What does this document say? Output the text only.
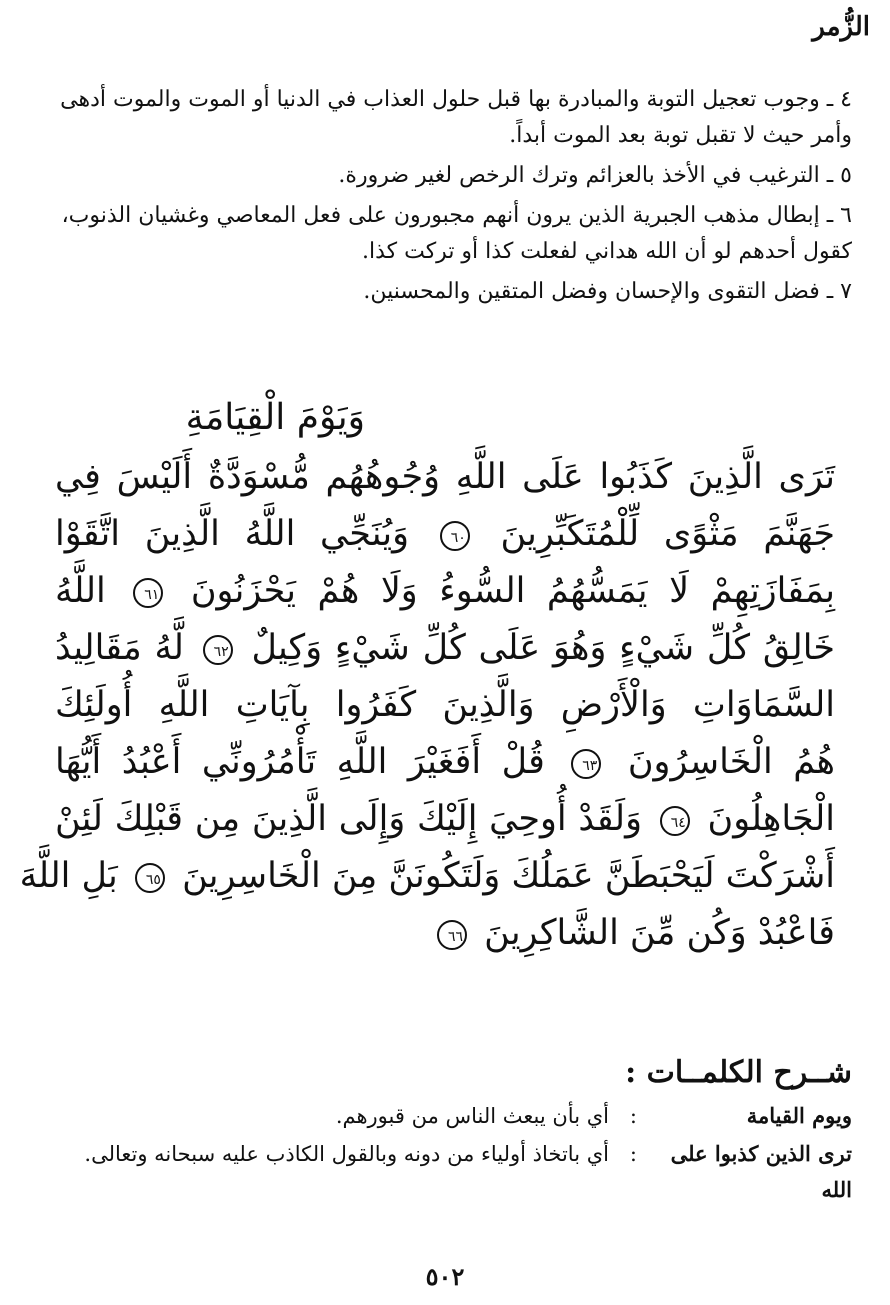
الزُّمر

٤ ـ وجوب تعجيل التوبة والمبادرة بها قبل حلول العذاب في الدنيا أو الموت والموت أدهى وأمر حيث لا تقبل توبة بعد الموت أبداً.

٥ ـ الترغيب في الأخذ بالعزائم وترك الرخص لغير ضرورة.

٦ ـ إبطال مذهب الجبرية الذين يرون أنهم مجبورون على فعل المعاصي وغشيان الذنوب، كقول أحدهم لو أن الله هداني لفعلت كذا أو تركت كذا.

٧ ـ فضل التقوى والإحسان وفضل المتقين والمحسنين.

وَيَوْمَ الْقِيَامَةِ
تَرَى الَّذِينَ كَذَبُوا عَلَى اللَّهِ وُجُوهُهُم مُّسْوَدَّةٌ أَلَيْسَ فِي
جَهَنَّمَ مَثْوًى لِّلْمُتَكَبِّرِينَ ٦٠ وَيُنَجِّي اللَّهُ الَّذِينَ اتَّقَوْا
بِمَفَازَتِهِمْ لَا يَمَسُّهُمُ السُّوءُ وَلَا هُمْ يَحْزَنُونَ ٦١ اللَّهُ
خَالِقُ كُلِّ شَيْءٍ وَهُوَ عَلَى كُلِّ شَيْءٍ وَكِيلٌ ٦٢ لَّهُ مَقَالِيدُ
السَّمَاوَاتِ وَالْأَرْضِ وَالَّذِينَ كَفَرُوا بِآيَاتِ اللَّهِ أُولَئِكَ
هُمُ الْخَاسِرُونَ ٦٣ قُلْ أَفَغَيْرَ اللَّهِ تَأْمُرُونِّي أَعْبُدُ أَيُّهَا
الْجَاهِلُونَ ٦٤ وَلَقَدْ أُوحِيَ إِلَيْكَ وَإِلَى الَّذِينَ مِن قَبْلِكَ لَئِنْ
أَشْرَكْتَ لَيَحْبَطَنَّ عَمَلُكَ وَلَتَكُونَنَّ مِنَ الْخَاسِرِينَ ٦٥ بَلِ اللَّهَ
فَاعْبُدْ وَكُن مِّنَ الشَّاكِرِينَ ٦٦
شــرح الكلمــات :
ويوم القيامة
:
أي بأن يبعث الناس من قبورهم.
ترى الذين كذبوا على الله
:
أي باتخاذ أولياء من دونه وبالقول الكاذب عليه سبحانه وتعالى.
٥٠٢
